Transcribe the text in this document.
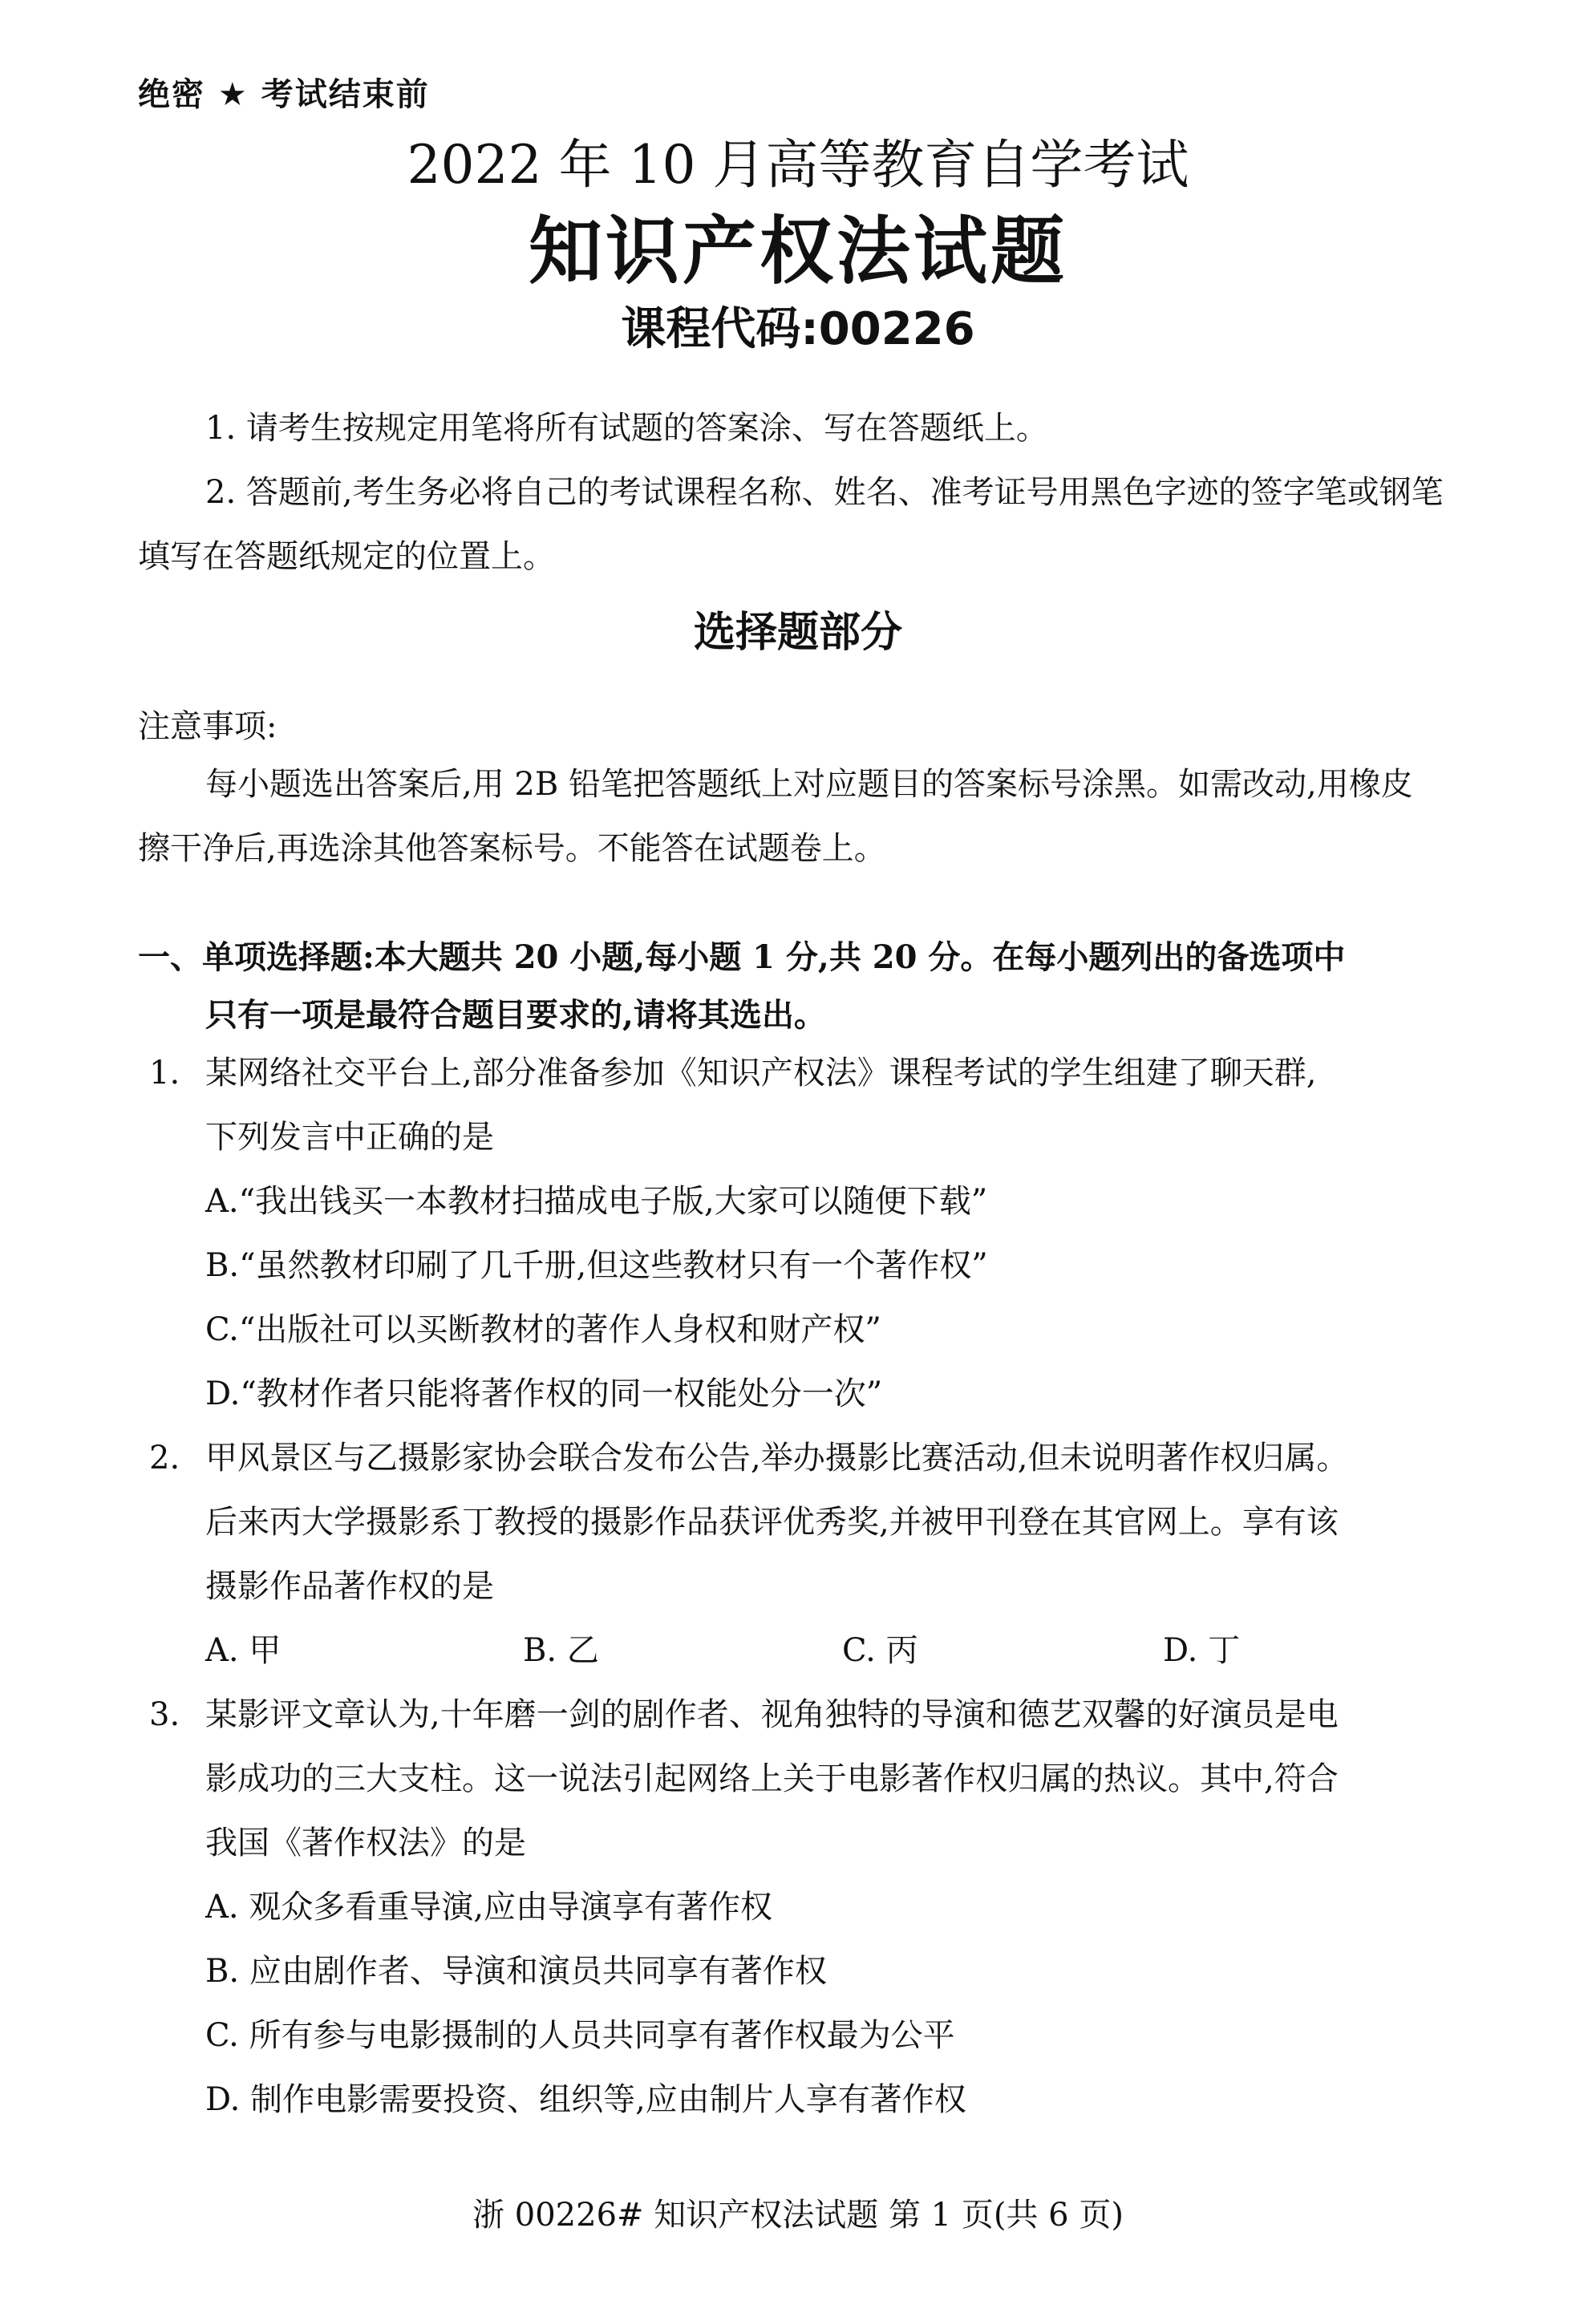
绝密 ★ 考试结束前
2022 年 10 月高等教育自学考试
知识产权法试题
课程代码:00226
1. 请考生按规定用笔将所有试题的答案涂、写在答题纸上。
2. 答题前,考生务必将自己的考试课程名称、姓名、准考证号用黑色字迹的签字笔或钢笔
填写在答题纸规定的位置上。
选择题部分
注意事项:
每小题选出答案后,用 2B 铅笔把答题纸上对应题目的答案标号涂黑。如需改动,用橡皮
擦干净后,再选涂其他答案标号。不能答在试题卷上。
一、单项选择题:本大题共 20 小题,每小题 1 分,共 20 分。在每小题列出的备选项中
只有一项是最符合题目要求的,请将其选出。
1. 某网络社交平台上,部分准备参加《知识产权法》课程考试的学生组建了聊天群,
下列发言中正确的是
A.“我出钱买一本教材扫描成电子版,大家可以随便下载”
B.“虽然教材印刷了几千册,但这些教材只有一个著作权”
C.“出版社可以买断教材的著作人身权和财产权”
D.“教材作者只能将著作权的同一权能处分一次”
2. 甲风景区与乙摄影家协会联合发布公告,举办摄影比赛活动,但未说明著作权归属。
后来丙大学摄影系丁教授的摄影作品获评优秀奖,并被甲刊登在其官网上。享有该
摄影作品著作权的是
A. 甲	B. 乙	C. 丙	D. 丁
3. 某影评文章认为,十年磨一剑的剧作者、视角独特的导演和德艺双馨的好演员是电
影成功的三大支柱。这一说法引起网络上关于电影著作权归属的热议。其中,符合
我国《著作权法》的是
A. 观众多看重导演,应由导演享有著作权
B. 应由剧作者、导演和演员共同享有著作权
C. 所有参与电影摄制的人员共同享有著作权最为公平
D. 制作电影需要投资、组织等,应由制片人享有著作权
浙 00226# 知识产权法试题 第 1 页(共 6 页)
